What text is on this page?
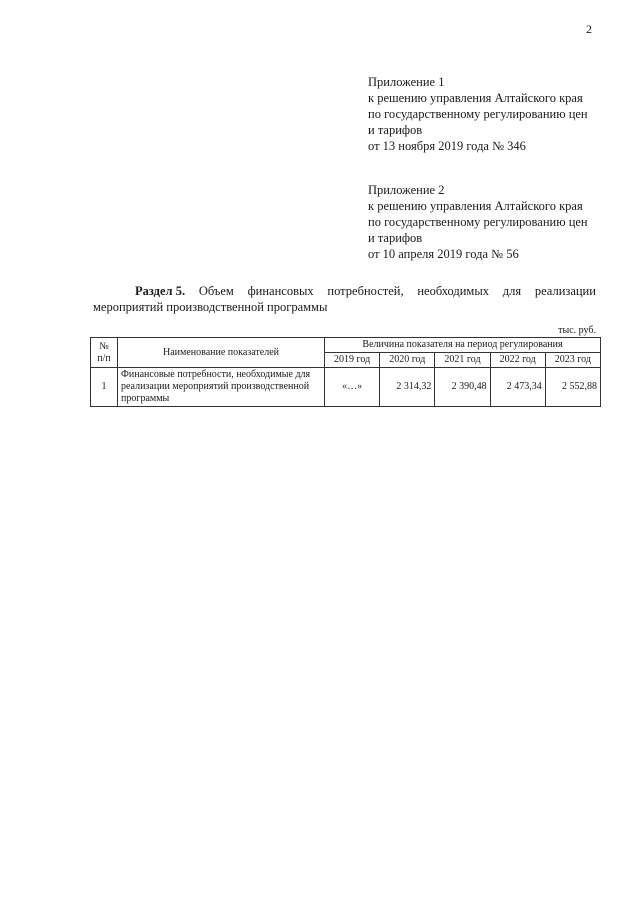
2
Приложение 1
к решению управления Алтайского края
по государственному регулированию цен
и тарифов
от 13 ноября 2019 года № 346
Приложение 2
к решению управления Алтайского края
по государственному регулированию цен
и тарифов
от 10 апреля 2019 года № 56
Раздел 5. Объем финансовых потребностей, необходимых для реализации
мероприятий производственной программы
тыс. руб.
№ п/п	Наименование показателей	Величина показателя на период регулирования				
		2019 год	2020 год	2021 год	2022 год	2023 год
1	Финансовые потребности, необходимые для реализации мероприятий производственной программы	«…»	2 314,32	2 390,48	2 473,34	2 552,88
